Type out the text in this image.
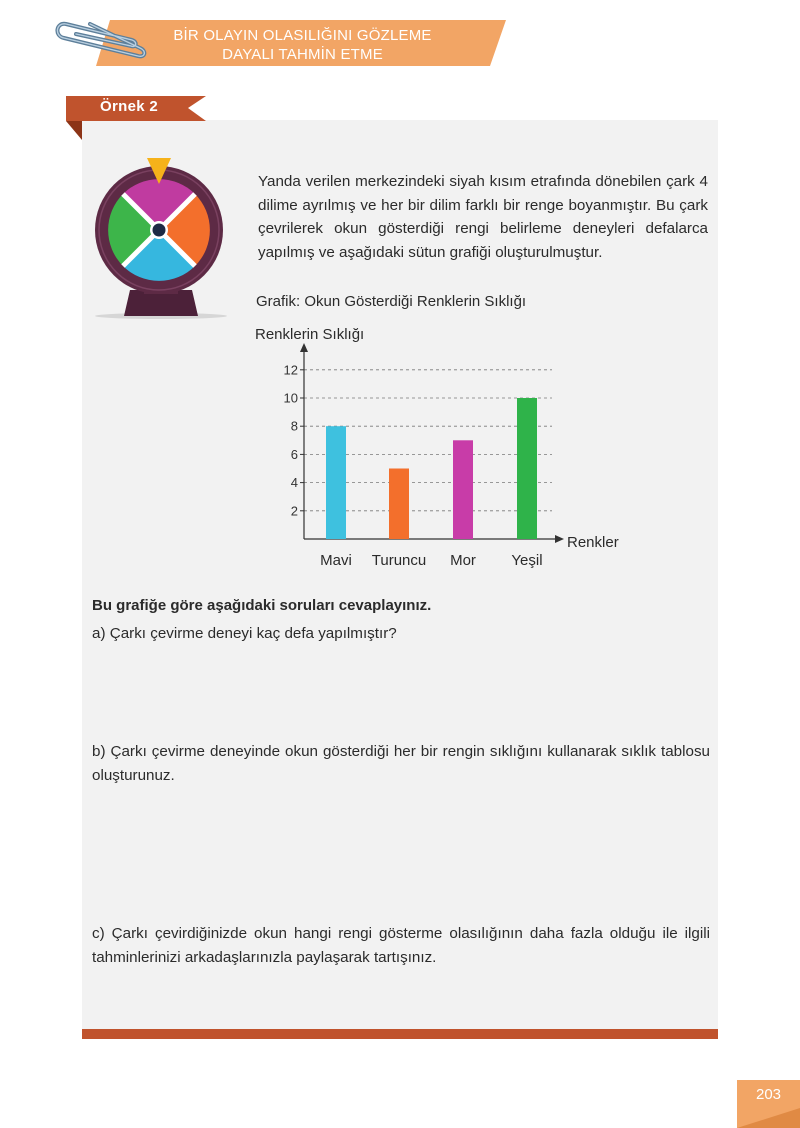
BİR OLAYIN OLASILIĞINI GÖZLEME
DAYALI TAHMİN ETME
Örnek 2
Yanda verilen merkezindeki siyah kısım etrafında dönebilen çark 4 dilime ayrılmış ve her bir dilim farklı bir renge boyanmıştır. Bu çark çevrilerek okun gösterdiği rengi belirleme deneyleri defalarca yapılmış ve aşağıdaki sütun grafiği oluşturulmuştur.
Grafik: Okun Gösterdiği Renklerin Sıklığı
Renklerin Sıklığı
2
4
6
8
10
12
Renkler
Mavi Turuncu Mor Yeşil
Bu grafiğe göre aşağıdaki soruları cevaplayınız.
a) Çarkı çevirme deneyi kaç defa yapılmıştır?
b) Çarkı çevirme deneyinde okun gösterdiği her bir rengin sıklığını kullanarak sıklık tablosu oluşturunuz.
c) Çarkı çevirdiğinizde okun hangi rengi gösterme olasılığının daha fazla olduğu ile ilgili tahminlerinizi arkadaşlarınızla paylaşarak tartışınız.
203
